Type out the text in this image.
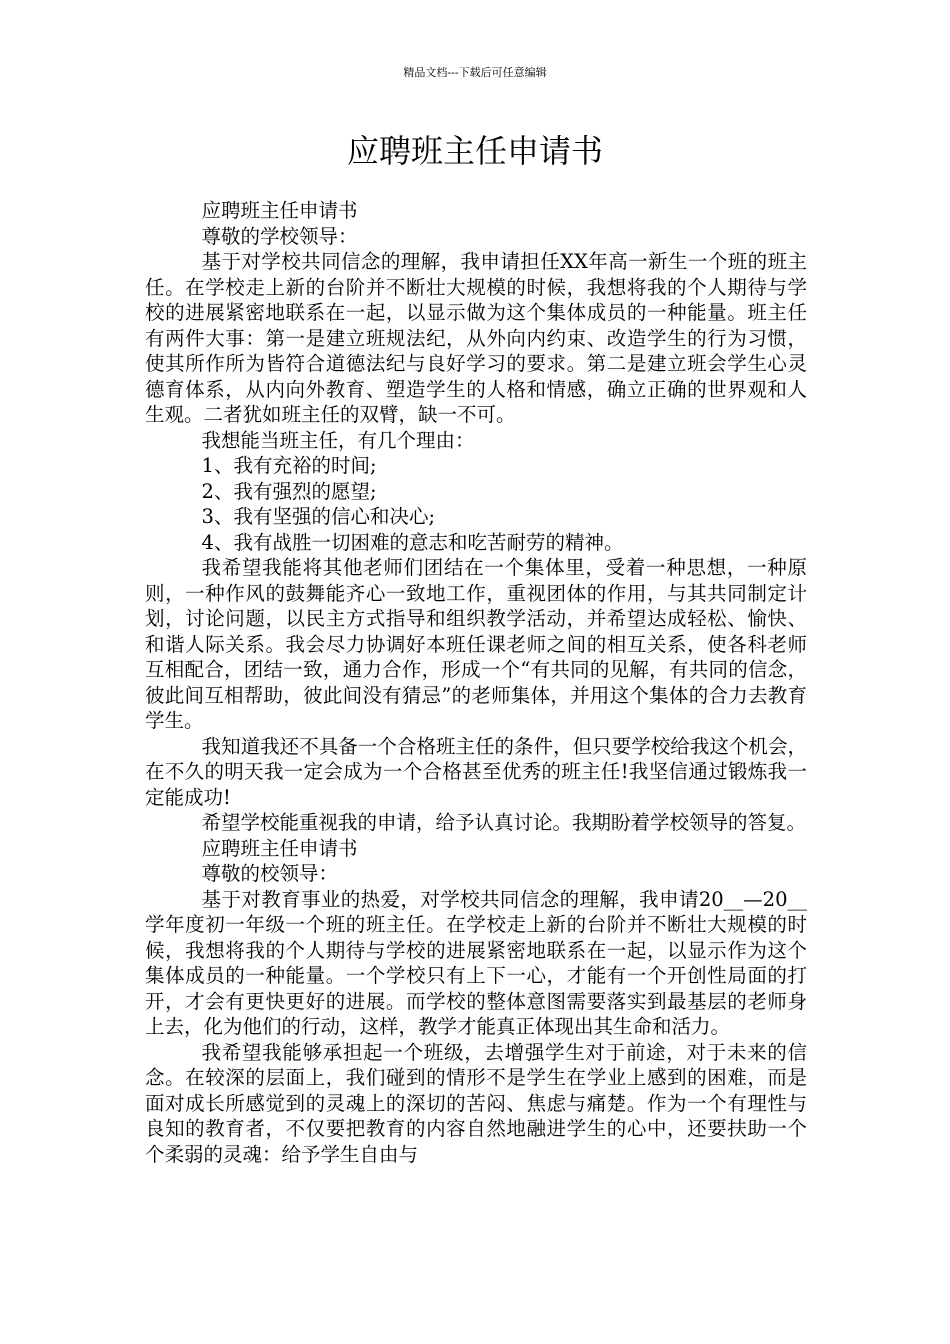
精品文档---下载后可任意编辑
应聘班主任申请书

应聘班主任申请书

尊敬的学校领导：

基于对学校共同信念的理解，我申请担任XX年高一新生一个班的班主任。在学校走上新的台阶并不断壮大规模的时候，我想将我的个人期待与学校的进展紧密地联系在一起，以显示做为这个集体成员的一种能量。班主任有两件大事：第一是建立班规法纪，从外向内约束、改造学生的行为习惯，使其所作所为皆符合道德法纪与良好学习的要求。第二是建立班会学生心灵德育体系，从内向外教育、塑造学生的人格和情感，确立正确的世界观和人生观。二者犹如班主任的双臂，缺一不可。

我想能当班主任，有几个理由：

1、我有充裕的时间;

2、我有强烈的愿望;

3、我有坚强的信心和决心;

4、我有战胜一切困难的意志和吃苦耐劳的精神。

我希望我能将其他老师们团结在一个集体里，受着一种思想，一种原则，一种作风的鼓舞能齐心一致地工作，重视团体的作用，与其共同制定计划，讨论问题，以民主方式指导和组织教学活动，并希望达成轻松、愉快、和谐人际关系。我会尽力协调好本班任课老师之间的相互关系，使各科老师互相配合，团结一致，通力合作，形成一个“有共同的见解，有共同的信念，彼此间互相帮助，彼此间没有猜忌”的老师集体，并用这个集体的合力去教育学生。

我知道我还不具备一个合格班主任的条件，但只要学校给我这个机会，在不久的明天我一定会成为一个合格甚至优秀的班主任!我坚信通过锻炼我一定能成功!

希望学校能重视我的申请，给予认真讨论。我期盼着学校领导的答复。

应聘班主任申请书

尊敬的校领导：

基于对教育事业的热爱，对学校共同信念的理解，我申请20__—20__学年度初一年级一个班的班主任。在学校走上新的台阶并不断壮大规模的时候，我想将我的个人期待与学校的进展紧密地联系在一起，以显示作为这个集体成员的一种能量。一个学校只有上下一心，才能有一个开创性局面的打开，才会有更快更好的进展。而学校的整体意图需要落实到最基层的老师身上去，化为他们的行动，这样，教学才能真正体现出其生命和活力。

我希望我能够承担起一个班级，去增强学生对于前途，对于未来的信念。在较深的层面上，我们碰到的情形不是学生在学业上感到的困难，而是面对成长所感觉到的灵魂上的深切的苦闷、焦虑与痛楚。作为一个有理性与良知的教育者，不仅要把教育的内容自然地融进学生的心中，还要扶助一个个柔弱的灵魂：给予学生自由与
